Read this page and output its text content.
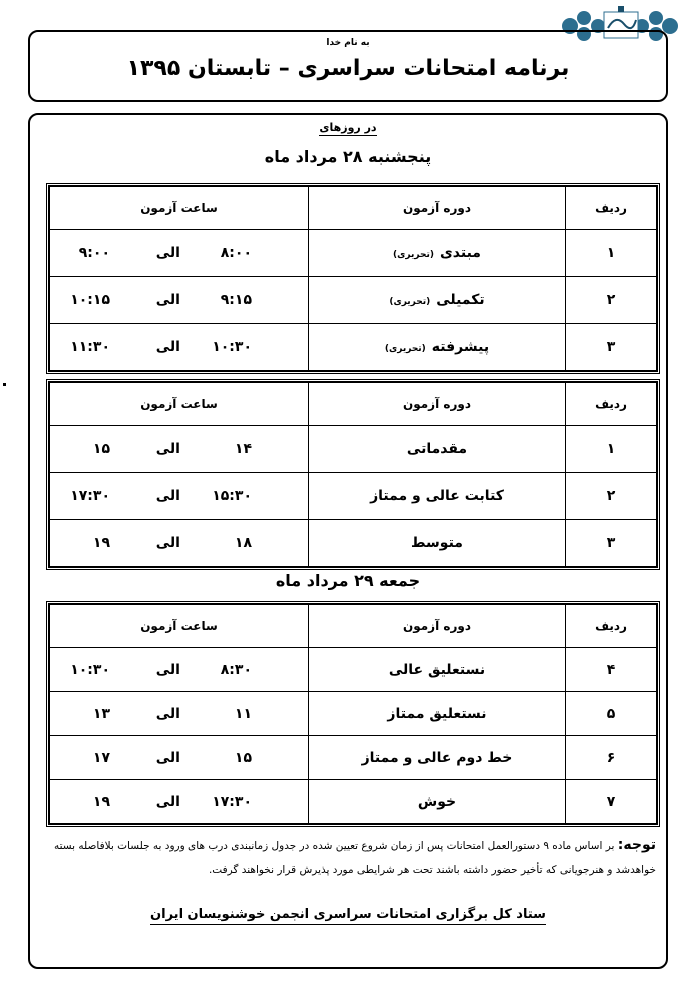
به نام خدا
برنامه امتحانات سراسری – تابستان ۱۳۹۵
در روزهای
پنجشنبه ۲۸ مرداد ماه
ردیف	دوره آزمون	ساعت آزمون
۱	مبتدی(تحریری)	۸:۰۰
الی
۹:۰۰

۲	تکمیلی(تحریری)	۹:۱۵
الی
۱۰:۱۵

۳	پیشرفته(تحریری)	۱۰:۳۰
الی
۱۱:۳۰
ردیف	دوره آزمون	ساعت آزمون
۱	مقدماتی	۱۴
الی
۱۵

۲	کتابت عالی و ممتاز	۱۵:۳۰
الی
۱۷:۳۰

۳	متوسط	۱۸
الی
۱۹
جمعه ۲۹ مرداد ماه
ردیف	دوره آزمون	ساعت آزمون
۴	نستعلیق عالی	۸:۳۰
الی
۱۰:۳۰

۵	نستعلیق ممتاز	۱۱
الی
۱۳

۶	خط دوم عالی و ممتاز	۱۵
الی
۱۷

۷	خوش	۱۷:۳۰
الی
۱۹
توجه: بر اساس ماده ۹ دستورالعمل امتحانات پس از زمان شروع تعیین شده در جدول زمانبندی درب های ورود به جلسات بلافاصله بسته خواهدشد و هنرجویانی که تأخیر حضور داشته باشند تحت هر شرایطی مورد پذیرش قرار نخواهند گرفت.
ستاد کل برگزاری امتحانات سراسری انجمن خوشنویسان ایران
